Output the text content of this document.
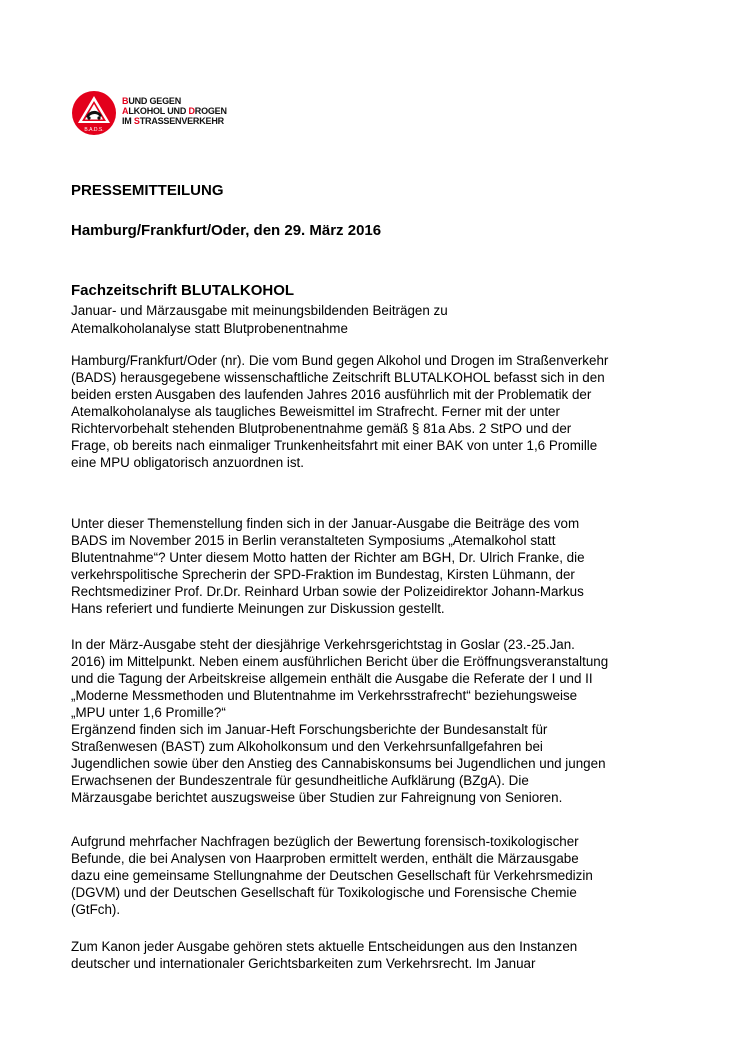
B.A.D.S.
BUND GEGEN
ALKOHOL UND DROGEN
IM STRASSENVERKEHR
PRESSEMITTEILUNG
Hamburg/Frankfurt/Oder, den 29. März 2016
Fachzeitschrift BLUTALKOHOL
Januar- und Märzausgabe mit meinungsbildenden Beiträgen zu
Atemalkoholanalyse statt Blutprobenentnahme
Hamburg/Frankfurt/Oder (nr). Die vom Bund gegen Alkohol und Drogen im Straßenverkehr
(BADS) herausgegebene wissenschaftliche Zeitschrift BLUTALKOHOL befasst sich in den
beiden ersten Ausgaben des laufenden Jahres 2016 ausführlich mit der Problematik der
Atemalkoholanalyse als taugliches Beweismittel im Strafrecht. Ferner mit der unter
Richtervorbehalt stehenden Blutprobenentnahme gemäß § 81a Abs. 2 StPO und der
Frage, ob bereits nach einmaliger Trunkenheitsfahrt mit einer BAK von unter 1,6 Promille
eine MPU obligatorisch anzuordnen ist.
Unter dieser Themenstellung finden sich in der Januar-Ausgabe die Beiträge des vom
BADS im November 2015 in Berlin veranstalteten Symposiums „Atemalkohol statt
Blutentnahme“? Unter diesem Motto hatten der Richter am BGH, Dr. Ulrich Franke, die
verkehrspolitische Sprecherin der SPD-Fraktion im Bundestag, Kirsten Lühmann, der
Rechtsmediziner Prof. Dr.Dr. Reinhard Urban sowie der Polizeidirektor Johann-Markus
Hans referiert und fundierte Meinungen zur Diskussion gestellt.
In der März-Ausgabe steht der diesjährige Verkehrsgerichtstag in Goslar (23.-25.Jan.
2016) im Mittelpunkt. Neben einem ausführlichen Bericht über die Eröffnungsveranstaltung
und die Tagung der Arbeitskreise allgemein enthält die Ausgabe die Referate der I und II
„Moderne Messmethoden und Blutentnahme im Verkehrsstrafrecht“ beziehungsweise
„MPU unter 1,6 Promille?“
Ergänzend finden sich im Januar-Heft Forschungsberichte der Bundesanstalt für
Straßenwesen (BAST) zum Alkoholkonsum und den Verkehrsunfallgefahren bei
Jugendlichen sowie über den Anstieg des Cannabiskonsums bei Jugendlichen und jungen
Erwachsenen der Bundeszentrale für gesundheitliche Aufklärung (BZgA). Die
Märzausgabe berichtet auszugsweise über Studien zur Fahreignung von Senioren.
Aufgrund mehrfacher Nachfragen bezüglich der Bewertung forensisch-toxikologischer
Befunde, die bei Analysen von Haarproben ermittelt werden, enthält die Märzausgabe
dazu eine gemeinsame Stellungnahme der Deutschen Gesellschaft für Verkehrsmedizin
(DGVM) und der Deutschen Gesellschaft für Toxikologische und Forensische Chemie
(GtFch).
Zum Kanon jeder Ausgabe gehören stets aktuelle Entscheidungen aus den Instanzen
deutscher und internationaler Gerichtsbarkeiten zum Verkehrsrecht. Im Januar
